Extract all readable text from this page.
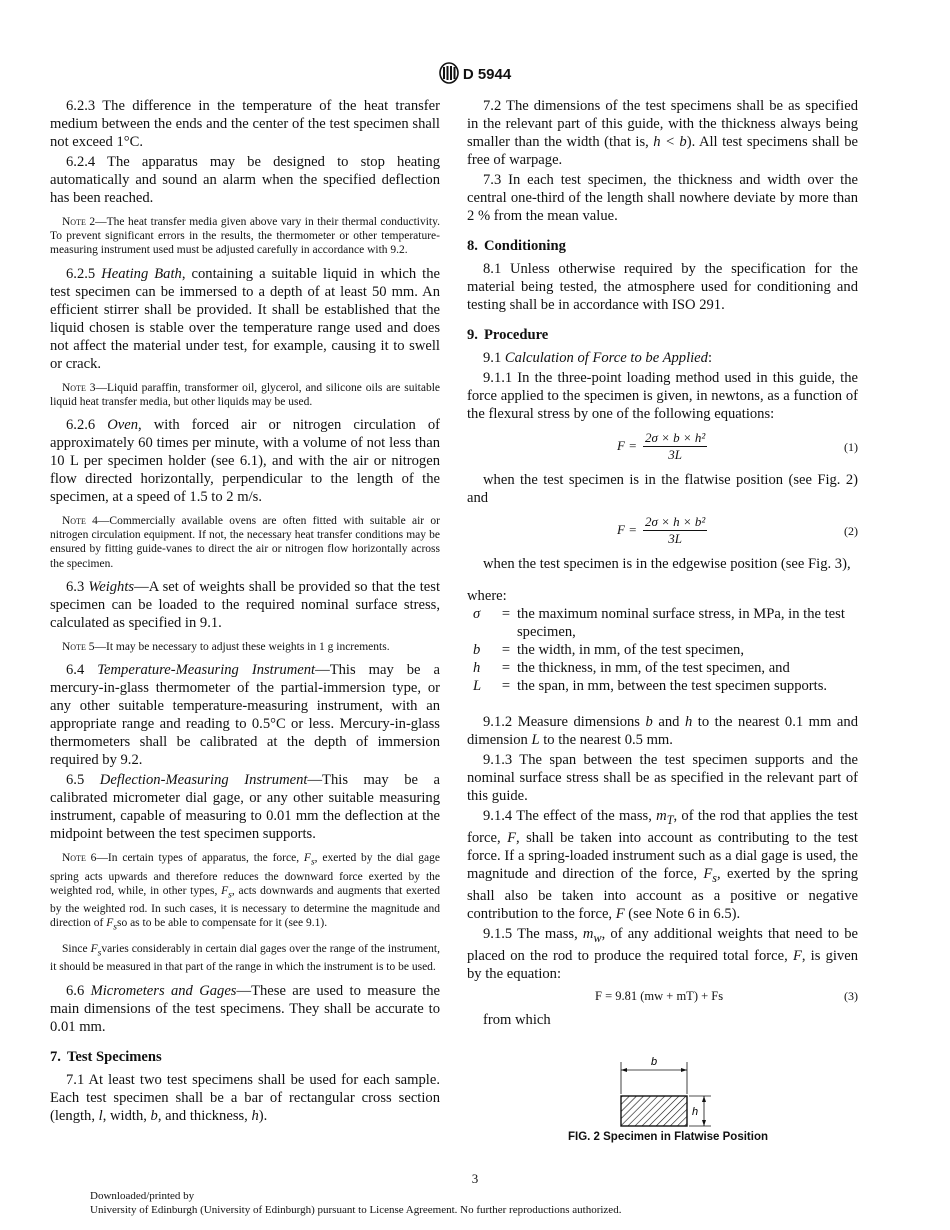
D 5944

6.2.3 The difference in the temperature of the heat transfer medium between the ends and the center of the test specimen shall not exceed 1°C.

6.2.4 The apparatus may be designed to stop heating automatically and sound an alarm when the specified deflection has been reached.

Note 2—The heat transfer media given above vary in their thermal conductivity. To prevent significant errors in the results, the thermometer or other temperature-measuring instrument used must be adjusted carefully in accordance with 9.2.

6.2.5 Heating Bath, containing a suitable liquid in which the test specimen can be immersed to a depth of at least 50 mm. An efficient stirrer shall be provided. It shall be established that the liquid chosen is stable over the temperature range used and does not affect the material under test, for example, causing it to swell or crack.

Note 3—Liquid paraffin, transformer oil, glycerol, and silicone oils are suitable liquid heat transfer media, but other liquids may be used.

6.2.6 Oven, with forced air or nitrogen circulation of approximately 60 times per minute, with a volume of not less than 10 L per specimen holder (see 6.1), and with the air or nitrogen flow directed horizontally, perpendicular to the length of the specimen, at a speed of 1.5 to 2 m/s.

Note 4—Commercially available ovens are often fitted with suitable air or nitrogen circulation equipment. If not, the necessary heat transfer conditions may be ensured by fitting guide-vanes to direct the air or nitrogen flow horizontally across the specimen.

6.3 Weights—A set of weights shall be provided so that the test specimen can be loaded to the required nominal surface stress, calculated as specified in 9.1.

Note 5—It may be necessary to adjust these weights in 1 g increments.

6.4 Temperature-Measuring Instrument—This may be a mercury-in-glass thermometer of the partial-immersion type, or any other suitable temperature-measuring instrument, with an appropriate range and reading to 0.5°C or less. Mercury-in-glass thermometers shall be calibrated at the depth of immersion required by 9.2.

6.5 Deflection-Measuring Instrument—This may be a calibrated micrometer dial gage, or any other suitable measuring instrument, capable of measuring to 0.01 mm the deflection at the midpoint between the test specimen supports.

Note 6—In certain types of apparatus, the force, $F_s$, exerted by the dial gage spring acts upwards and therefore reduces the downward force exerted by the weighted rod, while, in other types, $F_s$, acts downwards and augments that exerted by the weighted rod. In such cases, it is necessary to determine the magnitude and direction of $F_sso$ as to be able to compensate for it (see 9.1).
Since $F_svaries$ considerably in certain dial gages over the range of the instrument, it should be measured in that part of the range in which the instrument is to be used.

6.6 Micrometers and Gages—These are used to measure the main dimensions of the test specimens. They shall be accurate to 0.01 mm.

7. Test Specimens

7.1 At least two test specimens shall be used for each sample. Each test specimen shall be a bar of rectangular cross section (length, l, width, b, and thickness, h).

7.2 The dimensions of the test specimens shall be as specified in the relevant part of this guide, with the thickness always being smaller than the width (that is, h < b). All test specimens shall be free of warpage.

7.3 In each test specimen, the thickness and width over the central one-third of the length shall nowhere deviate by more than 2 % from the mean value.

8. Conditioning

8.1 Unless otherwise required by the specification for the material being tested, the atmosphere used for conditioning and testing shall be in accordance with ISO 291.

9. Procedure

9.1 Calculation of Force to be Applied:

9.1.1 In the three-point loading method used in this guide, the force applied to the specimen is given, in newtons, as a function of the flexural stress by one of the following equations:

$F = \frac{\text{2σ × b × h²}}{3L}$	(1)

when the test specimen is in the flatwise position (see Fig. 2) and

$F = \frac{\text{2σ × h × b²}}{3L}$	(2)

when the test specimen is in the edgewise position (see Fig. 3),

where:
σ	=	the maximum nominal surface stress, in MPa, in the test specimen,
b	=	the width, in mm, of the test specimen,
h	=	the thickness, in mm, of the test specimen, and
L	=	the span, in mm, between the test specimen supports.

9.1.2 Measure dimensions b and h to the nearest 0.1 mm and dimension L to the nearest 0.5 mm.

9.1.3 The span between the test specimen supports and the nominal surface stress shall be as specified in the relevant part of this guide.

9.1.4 The effect of the mass, $m_T$, of the rod that applies the test force, F, shall be taken into account as contributing to the test force. If a spring-loaded instrument such as a dial gage is used, the magnitude and direction of the force, $F_s$, exerted by the spring shall also be taken into account as a positive or negative contribution to the force, F (see Note 6 in 6.5).

9.1.5 The mass, $m_w$, of any additional weights that need to be placed on the rod to produce the required total force, F, is given by the equation:

F = 9.81 (mw + mT) + Fs	(3)

from which

b
h
FIG. 2 Specimen in Flatwise Position
3
Downloaded/printed by
University of Edinburgh (University of Edinburgh) pursuant to License Agreement. No further reproductions authorized.
